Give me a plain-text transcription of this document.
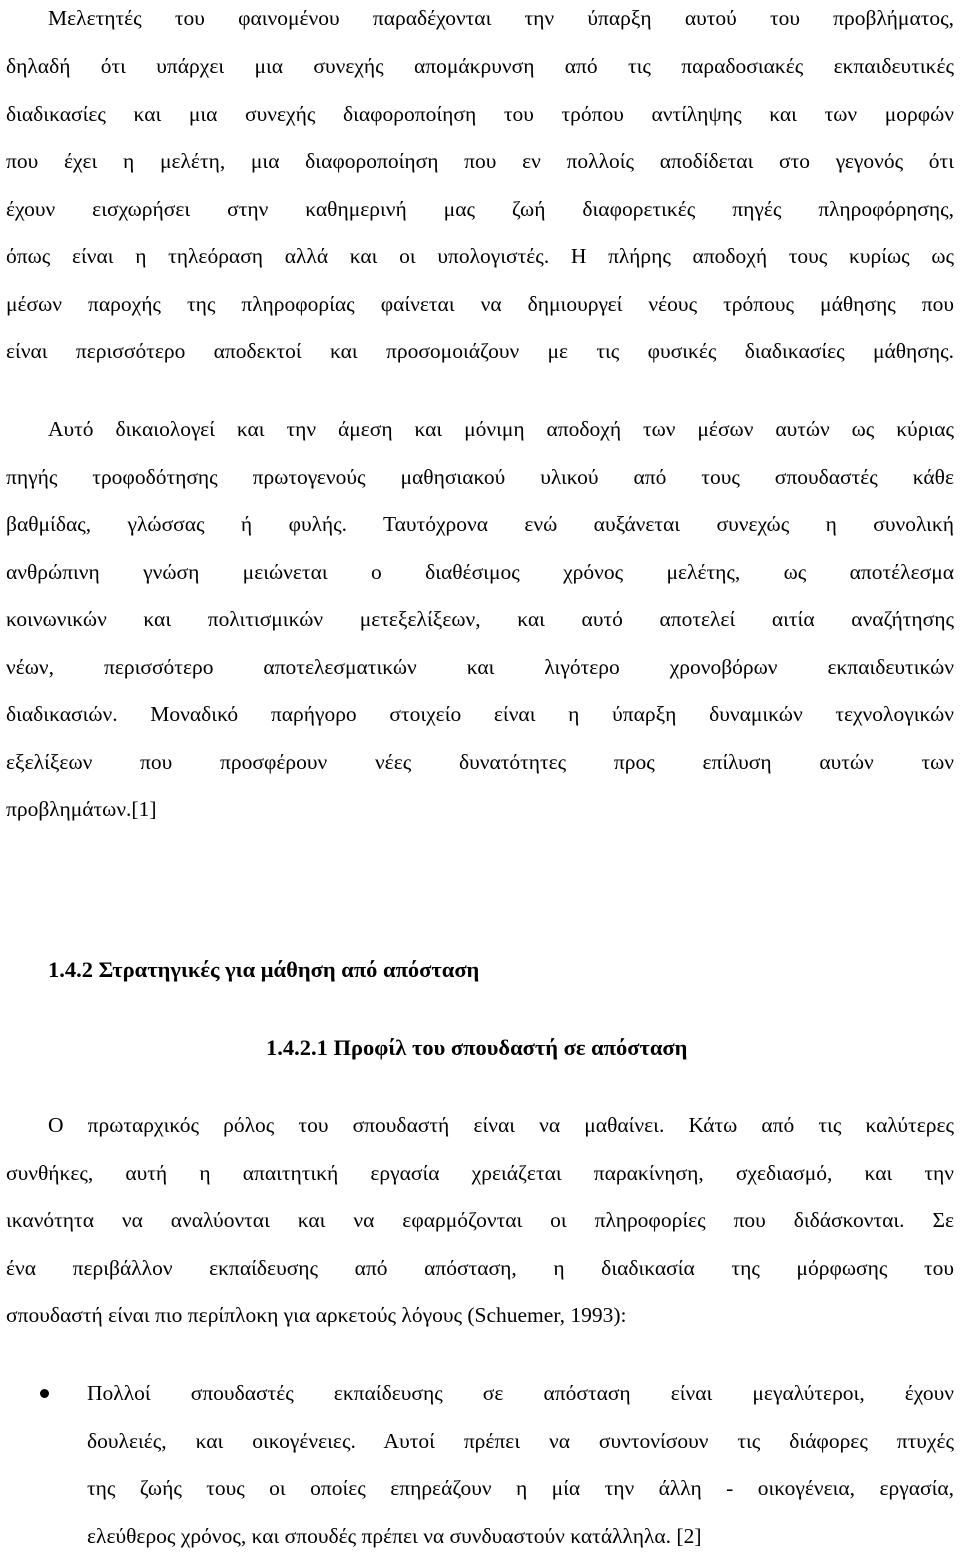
Μελετητές του φαινομένου παραδέχονται την ύπαρξη αυτού του προβλήματος,
δηλαδή ότι υπάρχει μια συνεχής απομάκρυνση από τις παραδοσιακές εκπαιδευτικές
διαδικασίες και μια συνεχής διαφοροποίηση του τρόπου αντίληψης και των μορφών
που έχει η μελέτη, μια διαφοροποίηση που εν πολλοίς αποδίδεται στο γεγονός ότι
έχουν εισχωρήσει στην καθημερινή μας ζωή διαφορετικές πηγές πληροφόρησης,
όπως είναι η τηλεόραση αλλά και οι υπολογιστές. Η πλήρης αποδοχή τους κυρίως ως
μέσων παροχής της πληροφορίας φαίνεται να δημιουργεί νέους τρόπους μάθησης που
είναι περισσότερο αποδεκτοί και προσομοιάζουν με τις φυσικές διαδικασίες μάθησης.
Αυτό δικαιολογεί και την άμεση και μόνιμη αποδοχή των μέσων αυτών ως κύριας
πηγής τροφοδότησης πρωτογενούς μαθησιακού υλικού από τους σπουδαστές κάθε
βαθμίδας, γλώσσας ή φυλής. Ταυτόχρονα ενώ αυξάνεται συνεχώς η συνολική
ανθρώπινη γνώση μειώνεται ο διαθέσιμος χρόνος μελέτης, ως αποτέλεσμα
κοινωνικών και πολιτισμικών μετεξελίξεων, και αυτό αποτελεί αιτία αναζήτησης
νέων, περισσότερο αποτελεσματικών και λιγότερο χρονοβόρων εκπαιδευτικών
διαδικασιών. Μοναδικό παρήγορο στοιχείο είναι η ύπαρξη δυναμικών τεχνολογικών
εξελίξεων που προσφέρουν νέες δυνατότητες προς επίλυση αυτών των
προβλημάτων.[1]
1.4.2 Στρατηγικές για μάθηση από απόσταση
1.4.2.1 Προφίλ του σπουδαστή σε απόσταση
Ο πρωταρχικός ρόλος του σπουδαστή είναι να μαθαίνει. Κάτω από τις καλύτερες
συνθήκες, αυτή η απαιτητική εργασία χρειάζεται παρακίνηση, σχεδιασμό, και την
ικανότητα να αναλύονται και να εφαρμόζονται οι πληροφορίες που διδάσκονται. Σε
ένα περιβάλλον εκπαίδευσης από απόσταση, η διαδικασία της μόρφωσης του
σπουδαστή είναι πιο περίπλοκη για αρκετούς λόγους (Schuemer, 1993):
Πολλοί σπουδαστές εκπαίδευσης σε απόσταση είναι μεγαλύτεροι, έχουν
δουλειές, και οικογένειες. Αυτοί πρέπει να συντονίσουν τις διάφορες πτυχές
της ζωής τους οι οποίες επηρεάζουν η μία την άλλη - οικογένεια, εργασία,
ελεύθερος χρόνος, και σπουδές πρέπει να συνδυαστούν κατάλληλα. [2]
